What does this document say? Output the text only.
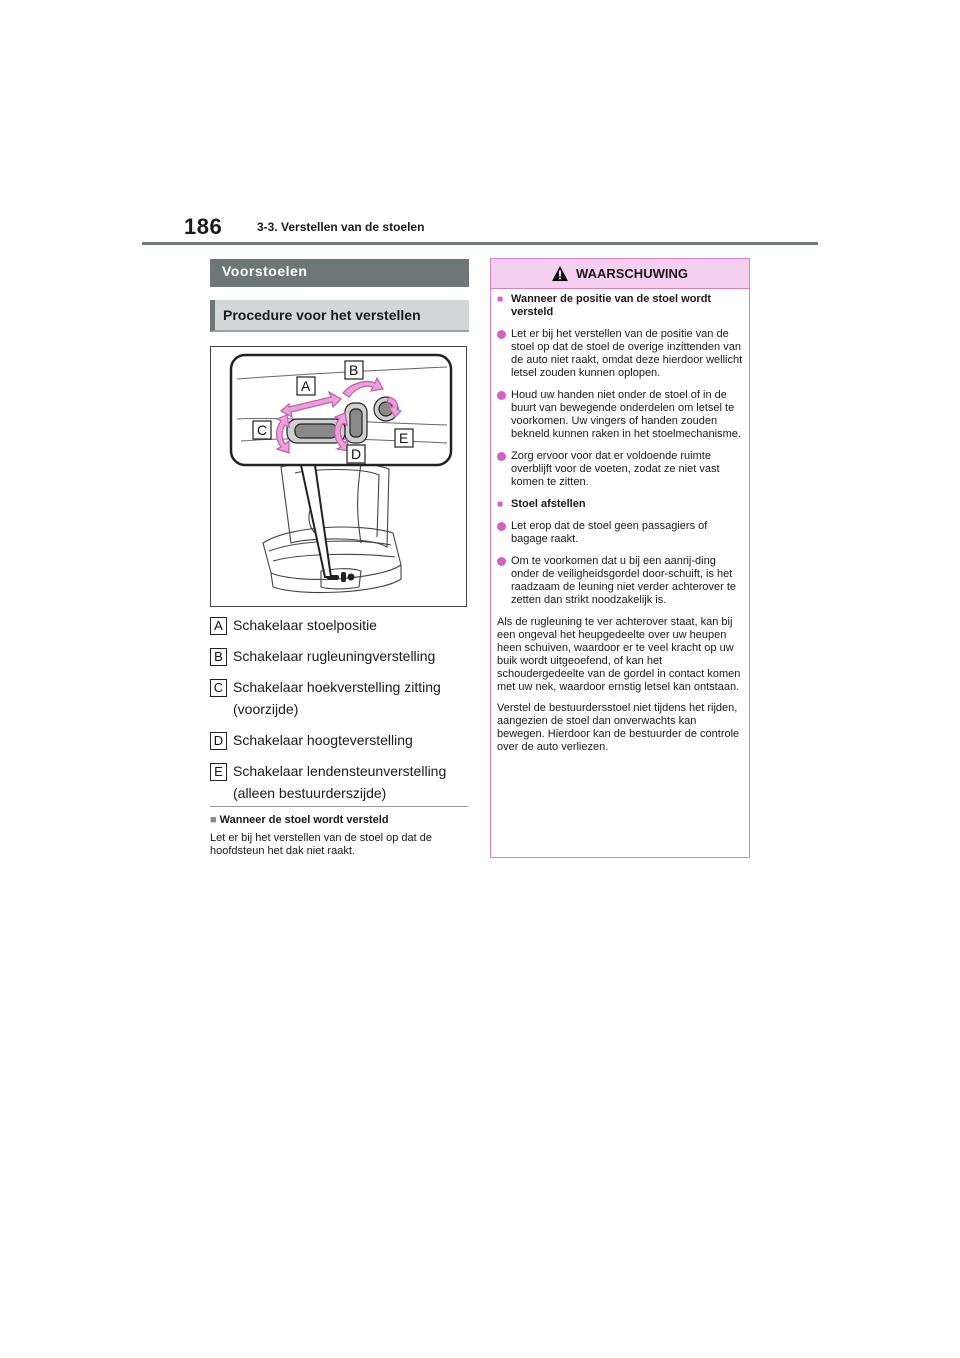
186	3-3. Verstellen van de stoelen
Voorstoelen
Procedure voor het verstellen
A
B
C
D
E
A Schakelaar stoelpositie
B Schakelaar rugleuningverstelling
C Schakelaar hoekverstelling zitting
(voorzijde)
D Schakelaar hoogteverstelling
E Schakelaar lendensteunverstelling
(alleen bestuurderszijde)
■ Wanneer de stoel wordt versteld
Let er bij het verstellen van de stoel op dat de hoofdsteun het dak niet raakt.
WAARSCHUWING
■ Wanneer de positie van de stoel wordt versteld
Let er bij het verstellen van de positie van de stoel op dat de stoel de overige inzittenden van de auto niet raakt, omdat deze hierdoor wellicht letsel zouden kunnen oplopen.
Houd uw handen niet onder de stoel of in de buurt van bewegende onderdelen om letsel te voorkomen. Uw vingers of handen zouden bekneld kunnen raken in het stoelmechanisme.
Zorg ervoor voor dat er voldoende ruimte overblijft voor de voeten, zodat ze niet vast komen te zitten.
■ Stoel afstellen
Let erop dat de stoel geen passagiers of bagage raakt.
Om te voorkomen dat u bij een aanrij-ding onder de veiligheidsgordel door-schuift, is het raadzaam de leuning niet verder achterover te zetten dan strikt noodzakelijk is.
Als de rugleuning te ver achterover staat, kan bij een ongeval het heupgedeelte over uw heupen heen schuiven, waardoor er te veel kracht op uw buik wordt uitgeoefend, of kan het schoudergedeelte van de gordel in contact komen met uw nek, waardoor ernstig letsel kan ontstaan.
Verstel de bestuurdersstoel niet tijdens het rijden, aangezien de stoel dan onverwachts kan bewegen. Hierdoor kan de bestuurder de controle over de auto verliezen.
